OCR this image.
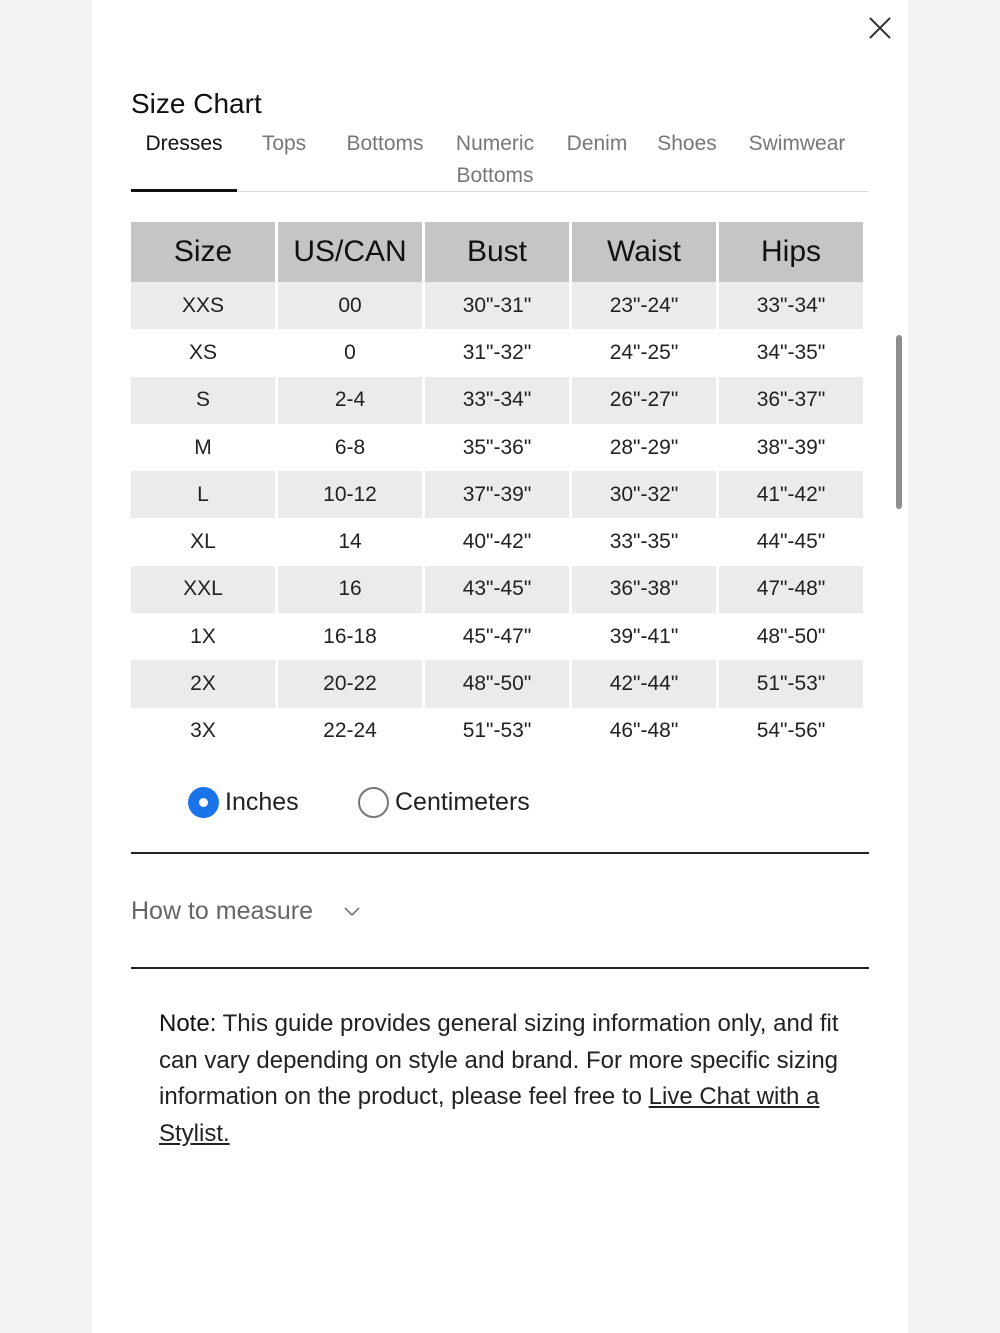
Size Chart
Dresses	Tops	Bottoms	Numeric
Bottoms
Denim	Shoes	Swimwear
Size	US/CAN	Bust	Waist	Hips
XXS	00	30"-31"	23"-24"	33"-34"
XS	0	31"-32"	24"-25"	34"-35"
S	2-4	33"-34"	26"-27"	36"-37"
M	6-8	35"-36"	28"-29"	38"-39"
L	10-12	37"-39"	30"-32"	41"-42"
XL	14	40"-42"	33"-35"	44"-45"
XXL	16	43"-45"	36"-38"	47"-48"
1X	16-18	45"-47"	39"-41"	48"-50"
2X	20-22	48"-50"	42"-44"	51"-53"
3X	22-24	51"-53"	46"-48"	54"-56"
Inches	Centimeters
How to measure
Note: This guide provides general sizing information only, and fit can vary depending on style and brand. For more specific sizing information on the product, please feel free to Live Chat with a Stylist.
